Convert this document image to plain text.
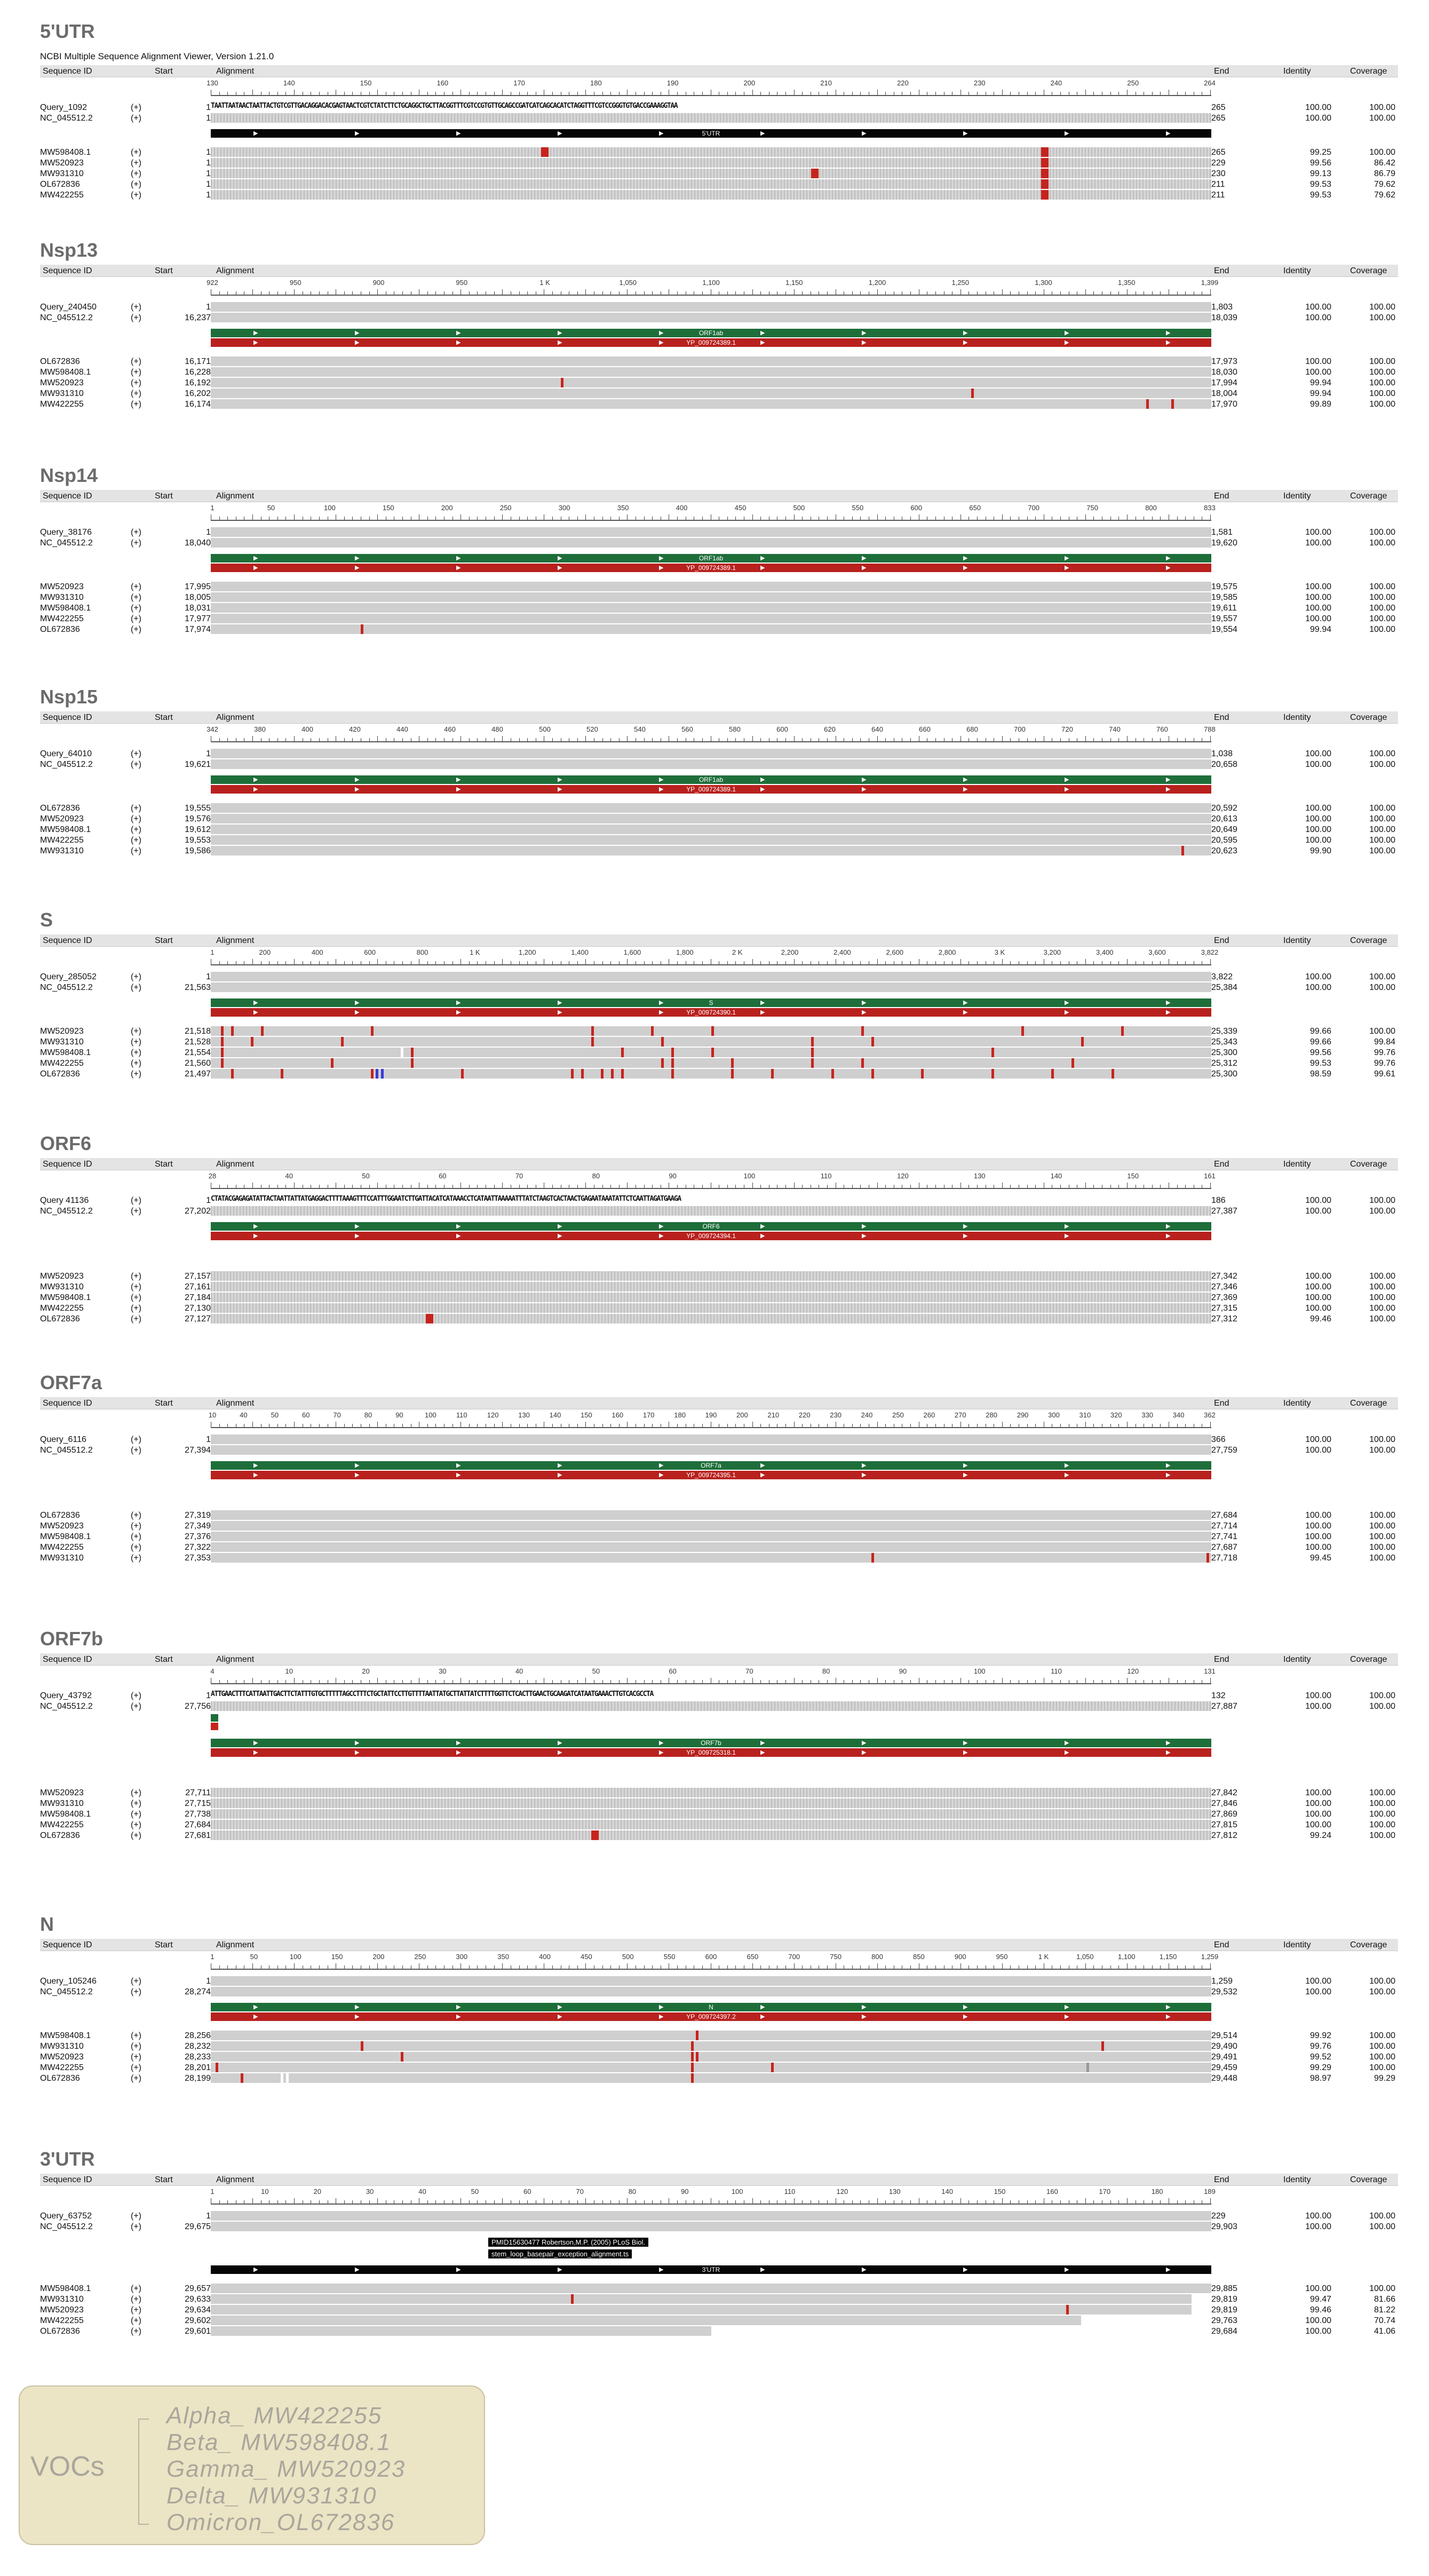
5'UTR
NCBI Multiple Sequence Alignment Viewer, Version 1.21.0
Sequence ID	Start	Alignment	End	Identity	Coverage
130	140	150	160	170	180	190	200	210	220	230	240	250	264
Query_1092	(+)	1	265	100.00	100.00
TAATTAATAACTAATTACTGTCGTTGACAGGACACGAGTAACTCGTCTATCTTCTGCAGGCTGCTTACGGTTTCGTCCGTGTTGCAGCCGATCATCAGCACATCTAGGTTTCGTCCGGGTGTGACCGAAAGGTAA
NC_045512.2	(+)	1	265	100.00	100.00
▶	▶	▶	▶	▶	▶	▶	▶	▶	▶
5'UTR
MW598408.1	(+)	1	265	99.25	100.00
MW520923	(+)	1	229	99.56	86.42
MW931310	(+)	1	230	99.13	86.79
OL672836	(+)	1	211	99.53	79.62
MW422255	(+)	1	211	99.53	79.62
Nsp13
Sequence ID	Start	Alignment	End	Identity	Coverage
922	950	900	950	1 K	1,050	1,100	1,150	1,200	1,250	1,300	1,350	1,399
Query_240450	(+)	1	1,803	100.00	100.00
NC_045512.2	(+)	16,237	18,039	100.00	100.00
▶	▶	▶	▶	▶	▶	▶	▶	▶	▶
ORF1ab
▶	▶	▶	▶	▶	▶	▶	▶	▶	▶
YP_009724389.1
OL672836	(+)	16,171	17,973	100.00	100.00
MW598408.1	(+)	16,228	18,030	100.00	100.00
MW520923	(+)	16,192	17,994	99.94	100.00
MW931310	(+)	16,202	18,004	99.94	100.00
MW422255	(+)	16,174	17,970	99.89	100.00
Nsp14
Sequence ID	Start	Alignment	End	Identity	Coverage
1	50	100	150	200	250	300	350	400	450	500	550	600	650	700	750	800	833
Query_38176	(+)	1	1,581	100.00	100.00
NC_045512.2	(+)	18,040	19,620	100.00	100.00
▶	▶	▶	▶	▶	▶	▶	▶	▶	▶
ORF1ab
▶	▶	▶	▶	▶	▶	▶	▶	▶	▶
YP_009724389.1
MW520923	(+)	17,995	19,575	100.00	100.00
MW931310	(+)	18,005	19,585	100.00	100.00
MW598408.1	(+)	18,031	19,611	100.00	100.00
MW422255	(+)	17,977	19,557	100.00	100.00
OL672836	(+)	17,974	19,554	99.94	100.00
Nsp15
Sequence ID	Start	Alignment	End	Identity	Coverage
342	380	400	420	440	460	480	500	520	540	560	580	600	620	640	660	680	700	720	740	760	788
Query_64010	(+)	1	1,038	100.00	100.00
NC_045512.2	(+)	19,621	20,658	100.00	100.00
▶	▶	▶	▶	▶	▶	▶	▶	▶	▶
ORF1ab
▶	▶	▶	▶	▶	▶	▶	▶	▶	▶
YP_009724389.1
OL672836	(+)	19,555	20,592	100.00	100.00
MW520923	(+)	19,576	20,613	100.00	100.00
MW598408.1	(+)	19,612	20,649	100.00	100.00
MW422255	(+)	19,553	20,595	100.00	100.00
MW931310	(+)	19,586	20,623	99.90	100.00
S
Sequence ID	Start	Alignment	End	Identity	Coverage
1	200	400	600	800	1 K	1,200	1,400	1,600	1,800	2 K	2,200	2,400	2,600	2,800	3 K	3,200	3,400	3,600	3,822
Query_285052	(+)	1	3,822	100.00	100.00
NC_045512.2	(+)	21,563	25,384	100.00	100.00
▶	▶	▶	▶	▶	▶	▶	▶	▶	▶
S
▶	▶	▶	▶	▶	▶	▶	▶	▶	▶
YP_009724390.1
MW520923	(+)	21,518	25,339	99.66	100.00
MW931310	(+)	21,528	25,343	99.66	99.84
MW598408.1	(+)	21,554	25,300	99.56	99.76
MW422255	(+)	21,560	25,312	99.53	99.76
OL672836	(+)	21,497	25,300	98.59	99.61
ORF6
Sequence ID	Start	Alignment	End	Identity	Coverage
28	40	50	60	70	80	90	100	110	120	130	140	150	161
Query 41136	(+)	1	186	100.00	100.00
CTATACGAGAGATATTACTAATTATTATGAGGACTTTTAAAGTTTCCATTTGGAATCTTGATTACATCATAAACCTCATAATTAAAAATTTATCTAAGTCACTAACTGAGAATAAATATTCTCAATTAGATGAAGA
NC_045512.2	(+)	27,202	27,387	100.00	100.00
▶	▶	▶	▶	▶	▶	▶	▶	▶	▶
ORF6
▶	▶	▶	▶	▶	▶	▶	▶	▶	▶
YP_009724394.1
MW520923	(+)	27,157	27,342	100.00	100.00
MW931310	(+)	27,161	27,346	100.00	100.00
MW598408.1	(+)	27,184	27,369	100.00	100.00
MW422255	(+)	27,130	27,315	100.00	100.00
OL672836	(+)	27,127	27,312	99.46	100.00
ORF7a
Sequence ID	Start	Alignment	End	Identity	Coverage
10	40	50	60	70	80	90	100	110	120	130	140	150	160	170	180	190	200	210	220	230	240	250	260	270	280	290	300	310	320	330	340	362
Query_6116	(+)	1	366	100.00	100.00
NC_045512.2	(+)	27,394	27,759	100.00	100.00
▶	▶	▶	▶	▶	▶	▶	▶	▶	▶
ORF7a
▶	▶	▶	▶	▶	▶	▶	▶	▶	▶
YP_009724395.1
OL672836	(+)	27,319	27,684	100.00	100.00
MW520923	(+)	27,349	27,714	100.00	100.00
MW598408.1	(+)	27,376	27,741	100.00	100.00
MW422255	(+)	27,322	27,687	100.00	100.00
MW931310	(+)	27,353	27,718	99.45	100.00
ORF7b
Sequence ID	Start	Alignment	End	Identity	Coverage
4	10	20	30	40	50	60	70	80	90	100	110	120	131
Query_43792	(+)	1	132	100.00	100.00
ATTGAACTTTCATTAATTGACTTCTATTTGTGCTTTTTAGCCTTTCTGCTATTCCTTGTTTTAATTATGCTTATTATCTTTTGGTTCTCACTTGAACTGCAAGATCATAATGAAACTTGTCACGCCTA
NC_045512.2	(+)	27,756	27,887	100.00	100.00
▶	▶	▶	▶	▶	▶	▶	▶	▶	▶
ORF7b
▶	▶	▶	▶	▶	▶	▶	▶	▶	▶
YP_009725318.1
MW520923	(+)	27,711	27,842	100.00	100.00
MW931310	(+)	27,715	27,846	100.00	100.00
MW598408.1	(+)	27,738	27,869	100.00	100.00
MW422255	(+)	27,684	27,815	100.00	100.00
OL672836	(+)	27,681	27,812	99.24	100.00
N
Sequence ID	Start	Alignment	End	Identity	Coverage
1	50	100	150	200	250	300	350	400	450	500	550	600	650	700	750	800	850	900	950	1 K	1,050	1,100	1,150	1,259
Query_105246	(+)	1	1,259	100.00	100.00
NC_045512.2	(+)	28,274	29,532	100.00	100.00
▶	▶	▶	▶	▶	▶	▶	▶	▶	▶
N
▶	▶	▶	▶	▶	▶	▶	▶	▶	▶
YP_009724397.2
MW598408.1	(+)	28,256	29,514	99.92	100.00
MW931310	(+)	28,232	29,490	99.76	100.00
MW520923	(+)	28,233	29,491	99.52	100.00
MW422255	(+)	28,201	29,459	99.29	100.00
OL672836	(+)	28,199	29,448	98.97	99.29
3'UTR
Sequence ID	Start	Alignment	End	Identity	Coverage
1	10	20	30	40	50	60	70	80	90	100	110	120	130	140	150	160	170	180	189
Query_63752	(+)	1	229	100.00	100.00
NC_045512.2	(+)	29,675	29,903	100.00	100.00
PMID15630477 Robertson,M.P. (2005) PLoS Biol.
stem_loop_basepair_exception_alignment.ts
▶	▶	▶	▶	▶	▶	▶	▶	▶	▶
3'UTR
MW598408.1	(+)	29,657	29,885	100.00	100.00
MW931310	(+)	29,633	29,819	99.47	81.66
MW520923	(+)	29,634	29,819	99.46	81.22
MW422255	(+)	29,602	29,763	100.00	70.74
OL672836	(+)	29,601	29,684	100.00	41.06
VOCs
Alpha_ MW422255
Beta_ MW598408.1
Gamma_ MW520923
Delta_ MW931310
Omicron_OL672836
